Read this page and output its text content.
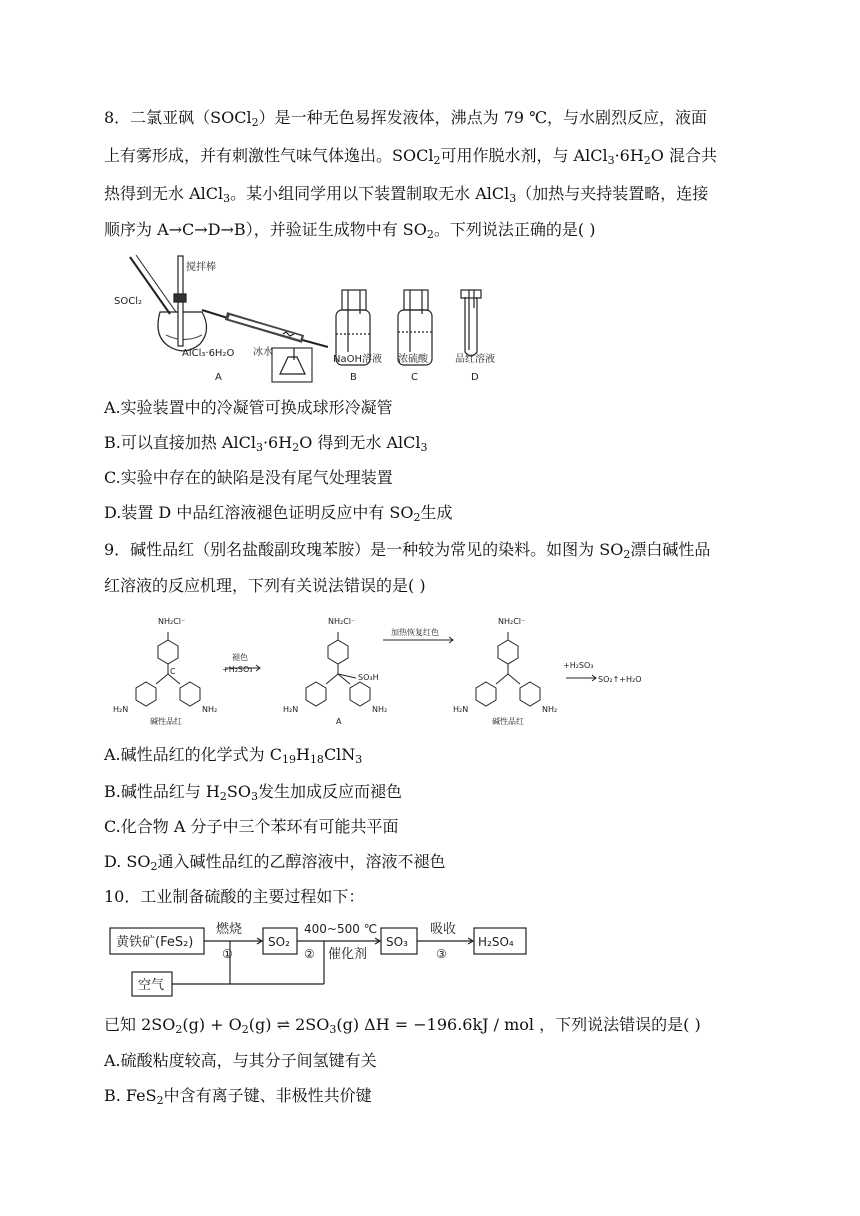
8．二氯亚砜（SOCl$_2$）是一种无色易挥发液体，沸点为 79 ℃，与水剧烈反应，液面
上有雾形成，并有刺激性气味气体逸出。SOCl$_2$可用作脱水剂，与 $AlCl_3\cdot 6H_2O$ 混合共
热得到无水 AlCl$_3$。某小组同学用以下装置制取无水 AlCl$_3$（加热与夹持装置略，连接
顺序为 A→C→D→B），并验证生成物中有 $SO_2$。下列说法正确的是( )
搅拌棒
SOCl₂
AlCl₃·6H₂O 冰水
NaOH溶液 浓硫酸	品红溶液
A	B	C	D
A.实验装置中的冷凝管可换成球形冷凝管
B.可以直接加热 $AlCl_3\cdot 6H_2O$ 得到无水 AlCl$_3$
C.实验中存在的缺陷是没有尾气处理装置
D.装置 D 中品红溶液褪色证明反应中有 $SO_2$生成
9．碱性品红（别名盐酸副玫瑰苯胺）是一种较为常见的染料。如图为 $SO_2$漂白碱性品
红溶液的反应机理，下列有关说法错误的是( )
NH₂Cl⁻
H₂N	NH₂
C	+H₂SO₃
褪色
NH₂Cl⁻
SO₃H
H₂N	NH₂
加热恢复红色
NH₂Cl⁻
H₂N	NH₂
+H₂SO₃
SO₂↑+H₂O
碱性品红	A	碱性品红
A.碱性品红的化学式为 $C_{19}H_{18}ClN_3$
B.碱性品红与 $H_2SO_3$发生加成反应而褪色
C.化合物 A 分子中三个苯环有可能共平面
D. $SO_2$通入碱性品红的乙醇溶液中，溶液不褪色
10．工业制备硫酸的主要过程如下：
黄铁矿(FeS₂)
燃烧
①
SO₂
400~500 ℃
② 催化剂
SO₃
吸收
③
H₂SO₄
空气
已知 $2SO_2(g) + O_2(g)$ ⇌ $2SO_3(g) \Delta H = -196.6kJ$ / mol ，下列说法错误的是( )
A.硫酸粘度较高，与其分子间氢键有关
B. FeS$_2$中含有离子键、非极性共价键
